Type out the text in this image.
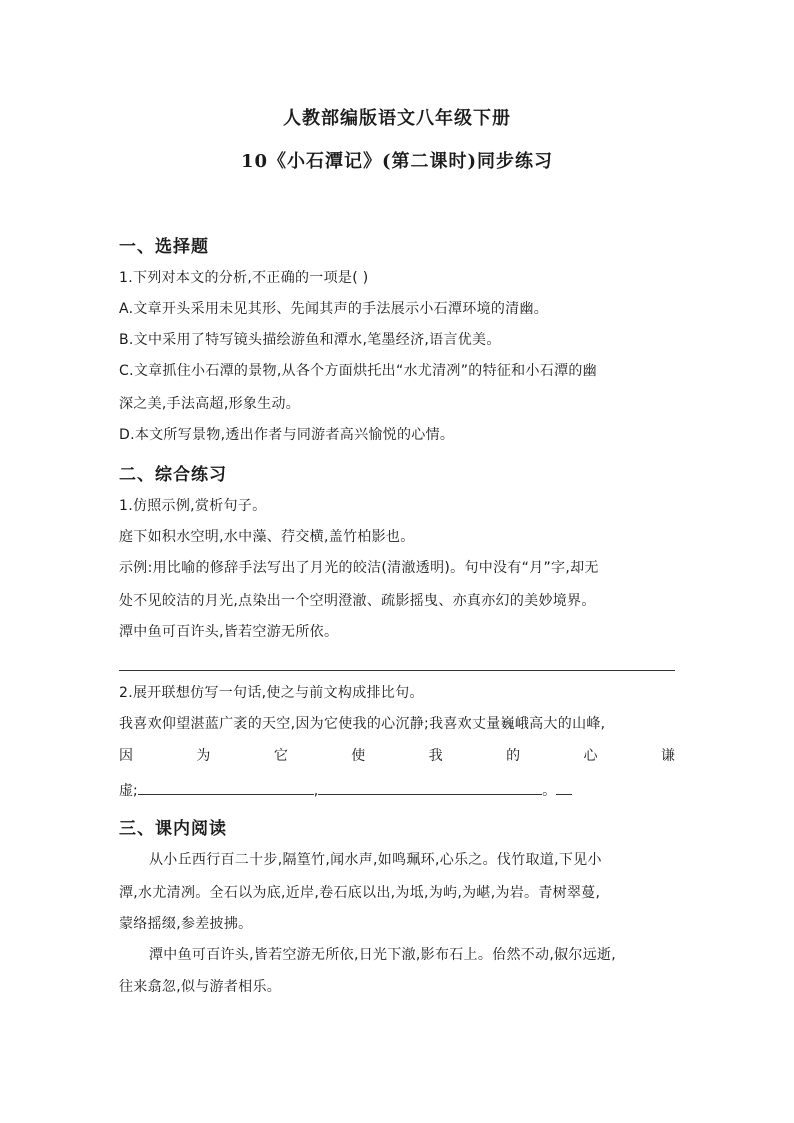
人教部编版语文八年级下册
10《小石潭记》(第二课时)同步练习
一、选择题
1.下列对本文的分析,不正确的一项是( )
A.文章开头采用未见其形、先闻其声的手法展示小石潭环境的清幽。
B.文中采用了特写镜头描绘游鱼和潭水,笔墨经济,语言优美。
C.文章抓住小石潭的景物,从各个方面烘托出“水尤清冽”的特征和小石潭的幽
深之美,手法高超,形象生动。
D.本文所写景物,透出作者与同游者高兴愉悦的心情。
二、综合练习
1.仿照示例,赏析句子。
庭下如积水空明,水中藻、荇交横,盖竹柏影也。
示例:用比喻的修辞手法写出了月光的皎洁(清澈透明)。句中没有“月”字,却无
处不见皎洁的月光,点染出一个空明澄澈、疏影摇曳、亦真亦幻的美妙境界。
潭中鱼可百许头,皆若空游无所依。
2.展开联想仿写一句话,使之与前文构成排比句。
我喜欢仰望湛蓝广袤的天空,因为它使我的心沉静;我喜欢丈量巍峨高大的山峰,
因	为	它	使	我	的	心	谦
虚;	,	。
三、课内阅读
从小丘西行百二十步,隔篁竹,闻水声,如鸣珮环,心乐之。伐竹取道,下见小
潭,水尤清冽。全石以为底,近岸,卷石底以出,为坻,为屿,为嵁,为岩。青树翠蔓,
蒙络摇缀,参差披拂。
潭中鱼可百许头,皆若空游无所依,日光下澈,影布石上。佁然不动,俶尔远逝,
往来翕忽,似与游者相乐。
